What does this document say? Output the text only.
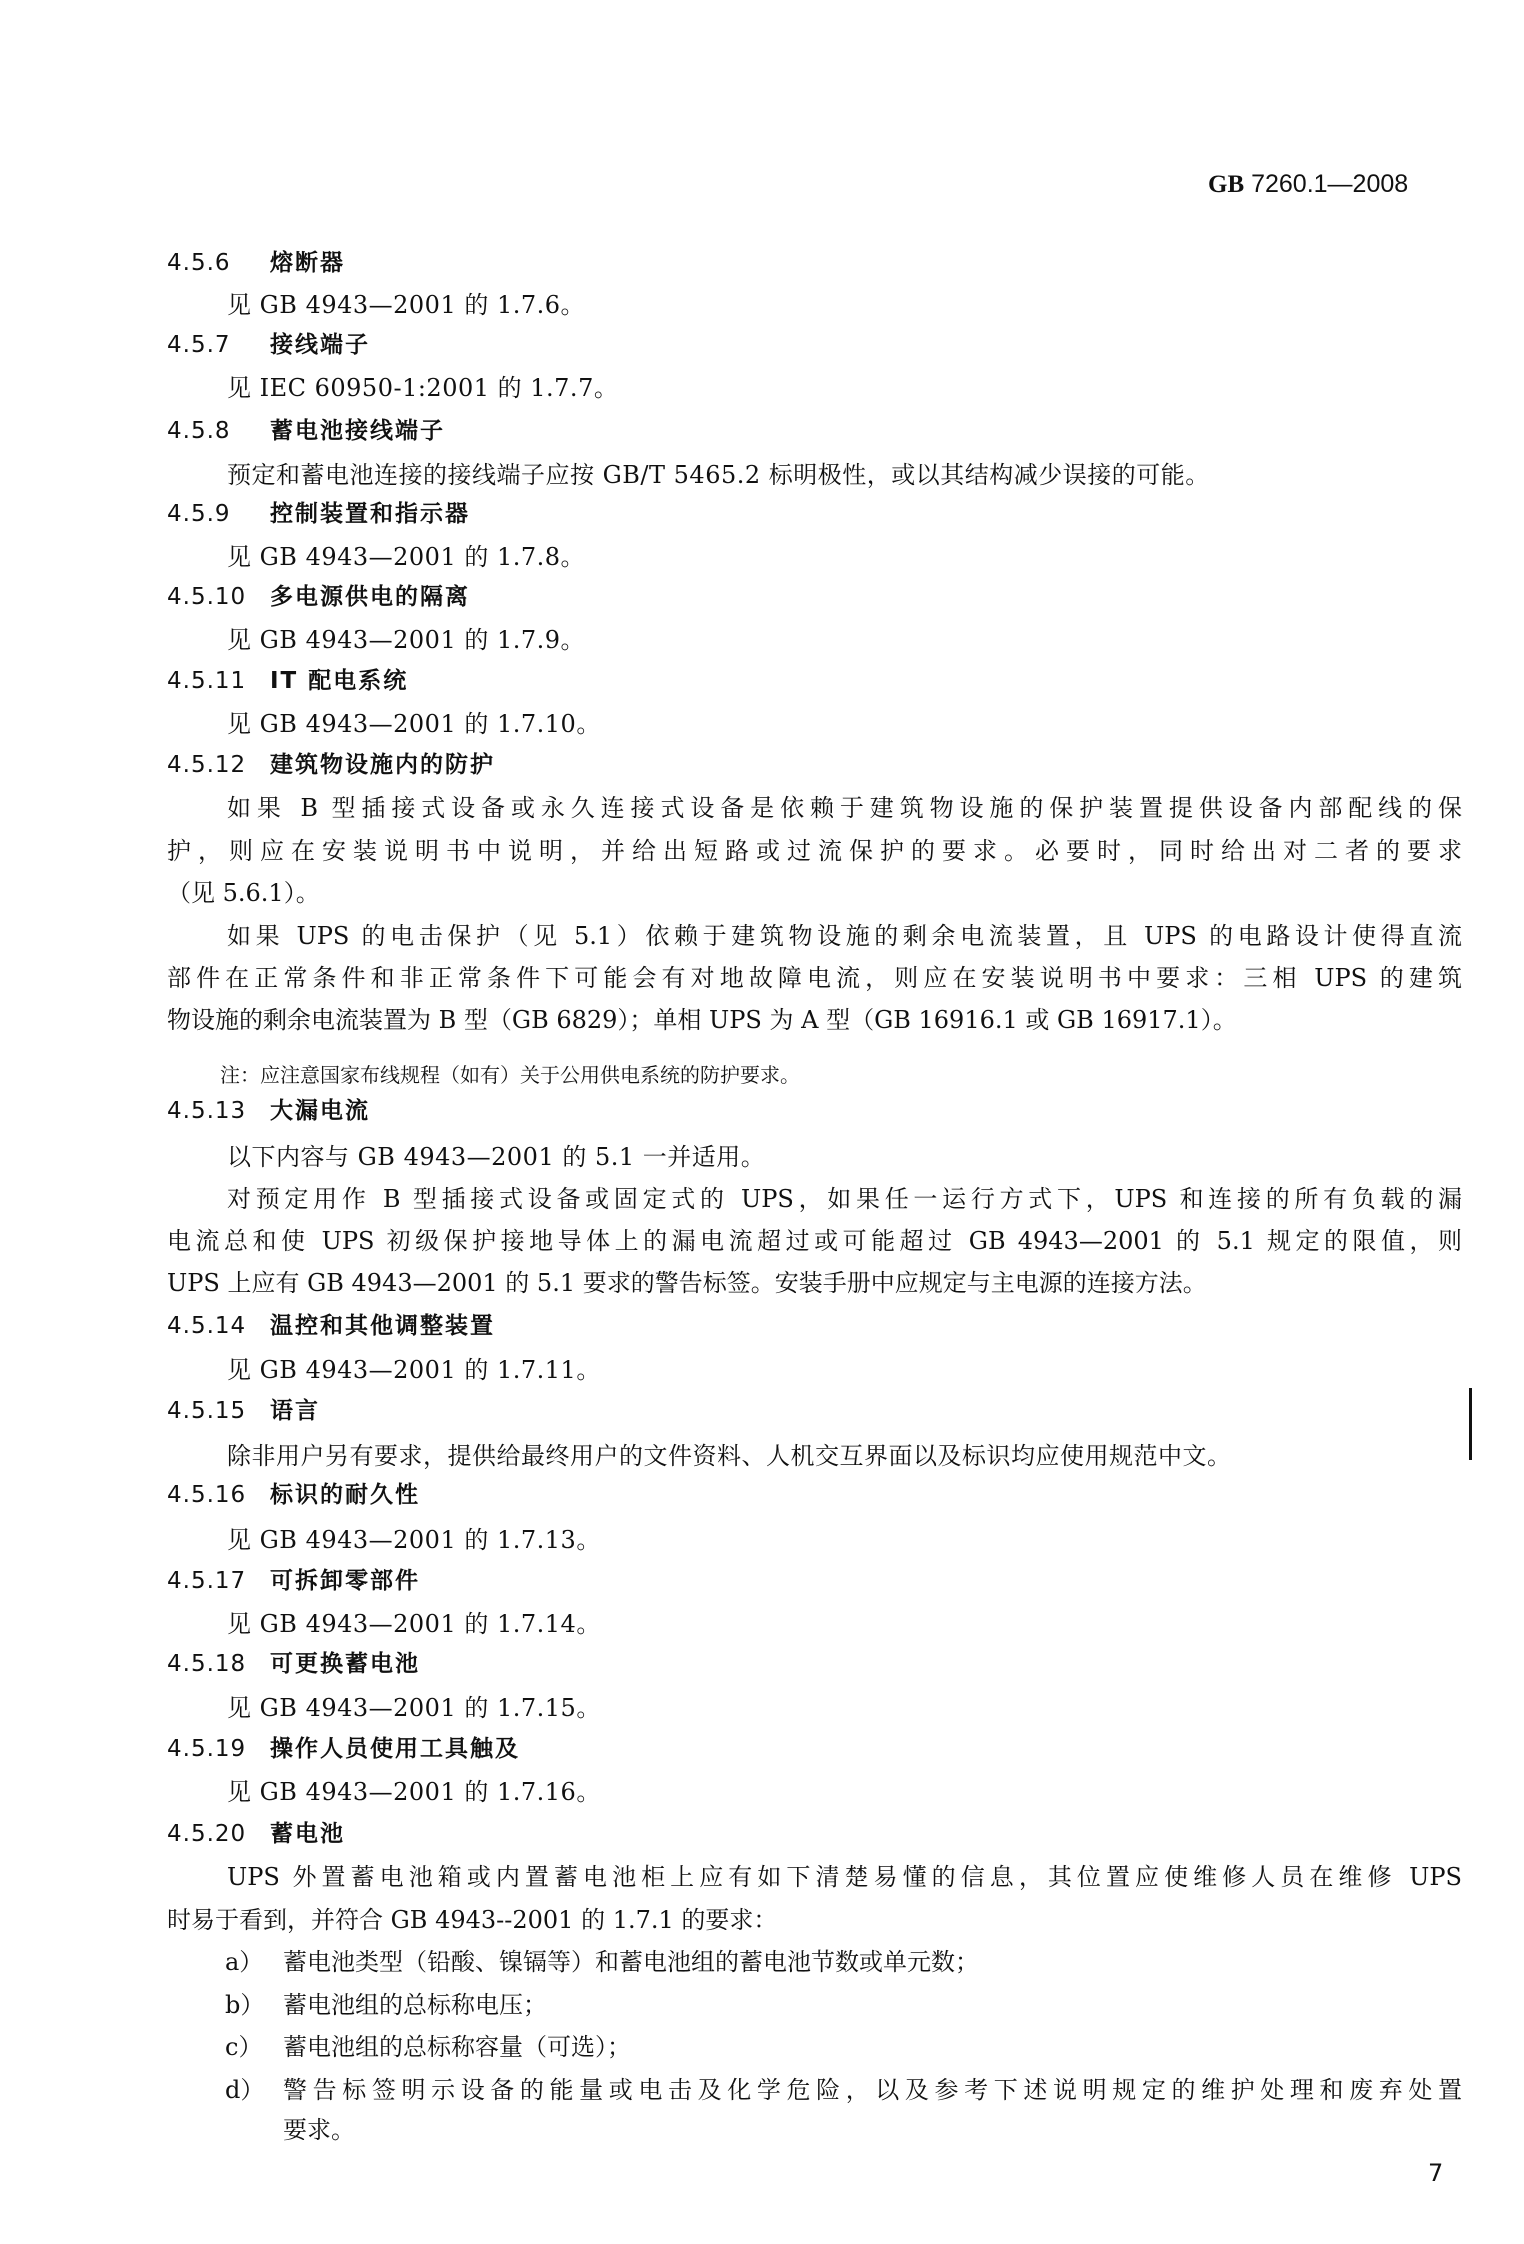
GB 7260.1—2008
4.5.6 熔断器
见 GB 4943—2001 的 1.7.6。
4.5.7 接线端子
见 IEC 60950-1:2001 的 1.7.7。
4.5.8 蓄电池接线端子
预定和蓄电池连接的接线端子应按 GB/T 5465.2 标明极性，或以其结构减少误接的可能。
4.5.9 控制装置和指示器
见 GB 4943—2001 的 1.7.8。
4.5.10 多电源供电的隔离
见 GB 4943—2001 的 1.7.9。
4.5.11 IT 配电系统
见 GB 4943—2001 的 1.7.10。
4.5.12 建筑物设施内的防护
如果 B 型插接式设备或永久连接式设备是依赖于建筑物设施的保护装置提供设备内部配线的保
护，则应在安装说明书中说明，并给出短路或过流保护的要求。必要时，同时给出对二者的要求
（见 5.6.1）。
如果 UPS 的电击保护（见 5.1）依赖于建筑物设施的剩余电流装置，且 UPS 的电路设计使得直流
部件在正常条件和非正常条件下可能会有对地故障电流，则应在安装说明书中要求：三相 UPS 的建筑
物设施的剩余电流装置为 B 型（GB 6829）；单相 UPS 为 A 型（GB 16916.1 或 GB 16917.1）。
注：应注意国家布线规程（如有）关于公用供电系统的防护要求。
4.5.13 大漏电流
以下内容与 GB 4943—2001 的 5.1 一并适用。
对预定用作 B 型插接式设备或固定式的 UPS，如果任一运行方式下，UPS 和连接的所有负载的漏
电流总和使 UPS 初级保护接地导体上的漏电流超过或可能超过 GB 4943—2001 的 5.1 规定的限值，则
UPS 上应有 GB 4943—2001 的 5.1 要求的警告标签。安装手册中应规定与主电源的连接方法。
4.5.14 温控和其他调整装置
见 GB 4943—2001 的 1.7.11。
4.5.15 语言
除非用户另有要求，提供给最终用户的文件资料、人机交互界面以及标识均应使用规范中文。
4.5.16 标识的耐久性
见 GB 4943—2001 的 1.7.13。
4.5.17 可拆卸零部件
见 GB 4943—2001 的 1.7.14。
4.5.18 可更换蓄电池
见 GB 4943—2001 的 1.7.15。
4.5.19 操作人员使用工具触及
见 GB 4943—2001 的 1.7.16。
4.5.20 蓄电池
UPS 外置蓄电池箱或内置蓄电池柜上应有如下清楚易懂的信息，其位置应使维修人员在维修 UPS
时易于看到，并符合 GB 4943--2001 的 1.7.1 的要求：
a） 蓄电池类型（铅酸、镍镉等）和蓄电池组的蓄电池节数或单元数；
b） 蓄电池组的总标称电压；
c） 蓄电池组的总标称容量（可选）；
d） 警告标签明示设备的能量或电击及化学危险，以及参考下述说明规定的维护处理和废弃处置
要求。
7
